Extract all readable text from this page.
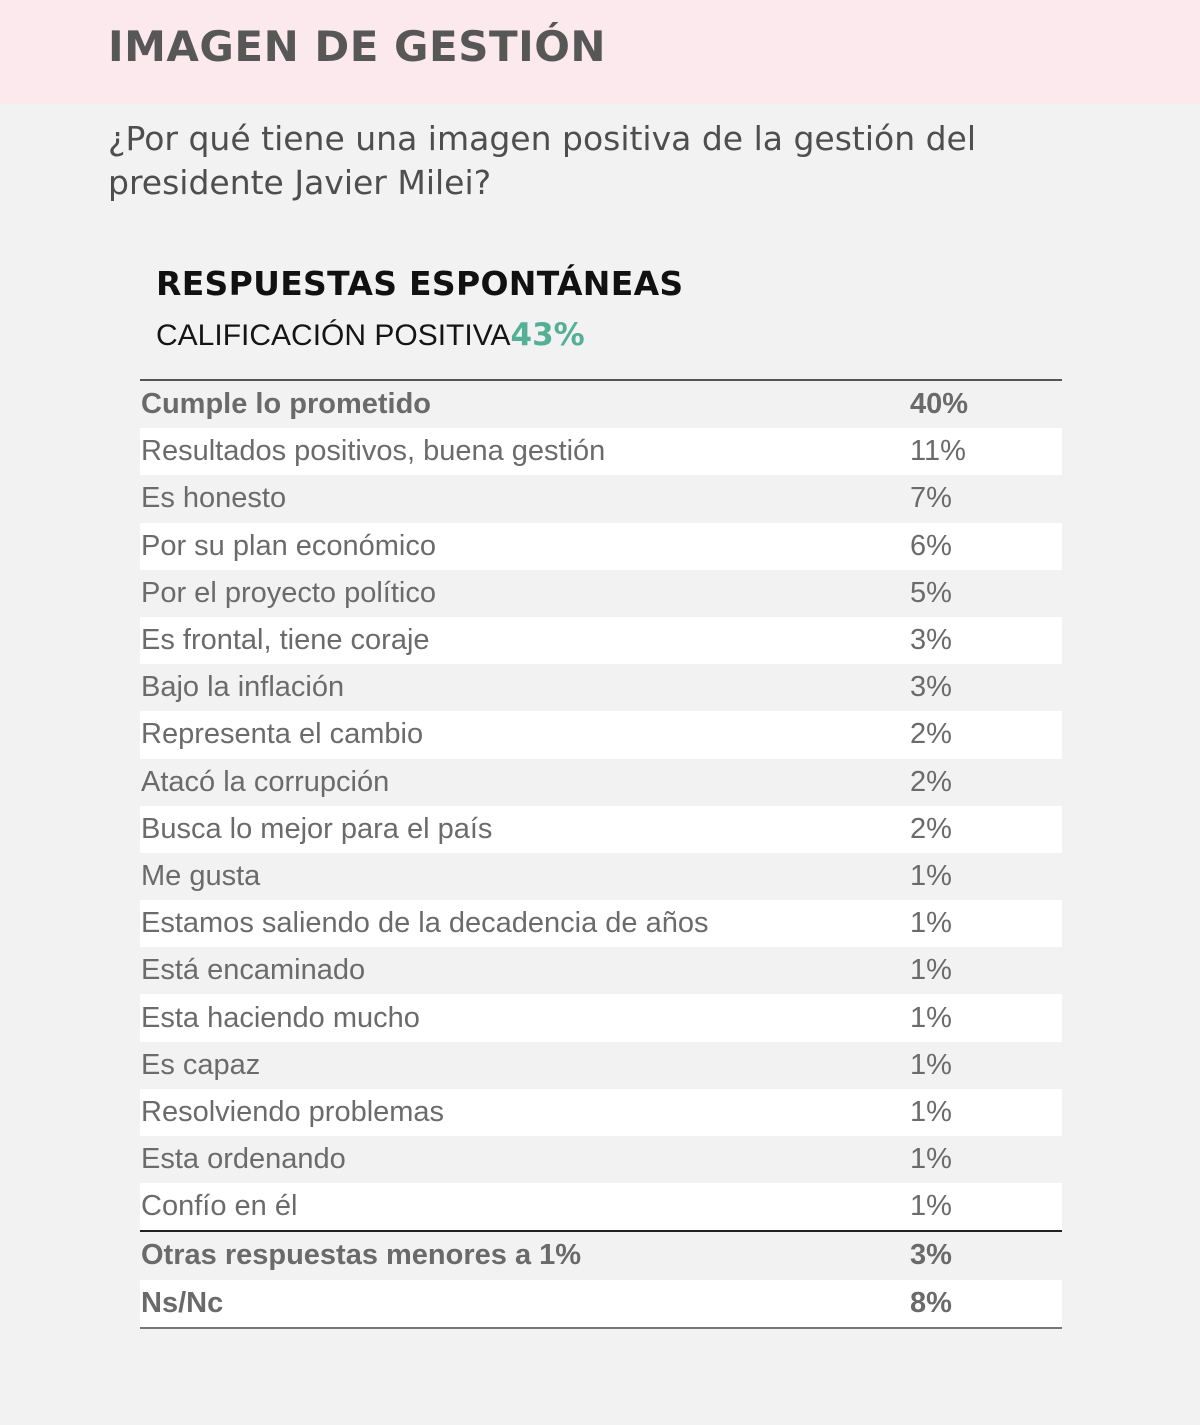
IMAGEN DE GESTIÓN

¿Por qué tiene una imagen positiva de la gestión del presidente Javier Milei?

RESPUESTAS ESPONTÁNEAS
CALIFICACIÓN POSITIVA43%
Cumple lo prometido	40%
Resultados positivos, buena gestión	11%
Es honesto	7%
Por su plan económico	6%
Por el proyecto político	5%
Es frontal, tiene coraje	3%
Bajo la inflación	3%
Representa el cambio	2%
Atacó la corrupción	2%
Busca lo mejor para el país	2%
Me gusta	1%
Estamos saliendo de la decadencia de años	1%
Está encaminado	1%
Esta haciendo mucho	1%
Es capaz	1%
Resolviendo problemas	1%
Esta ordenando	1%
Confío en él	1%
Otras respuestas menores a 1%	3%
Ns/Nc	8%
